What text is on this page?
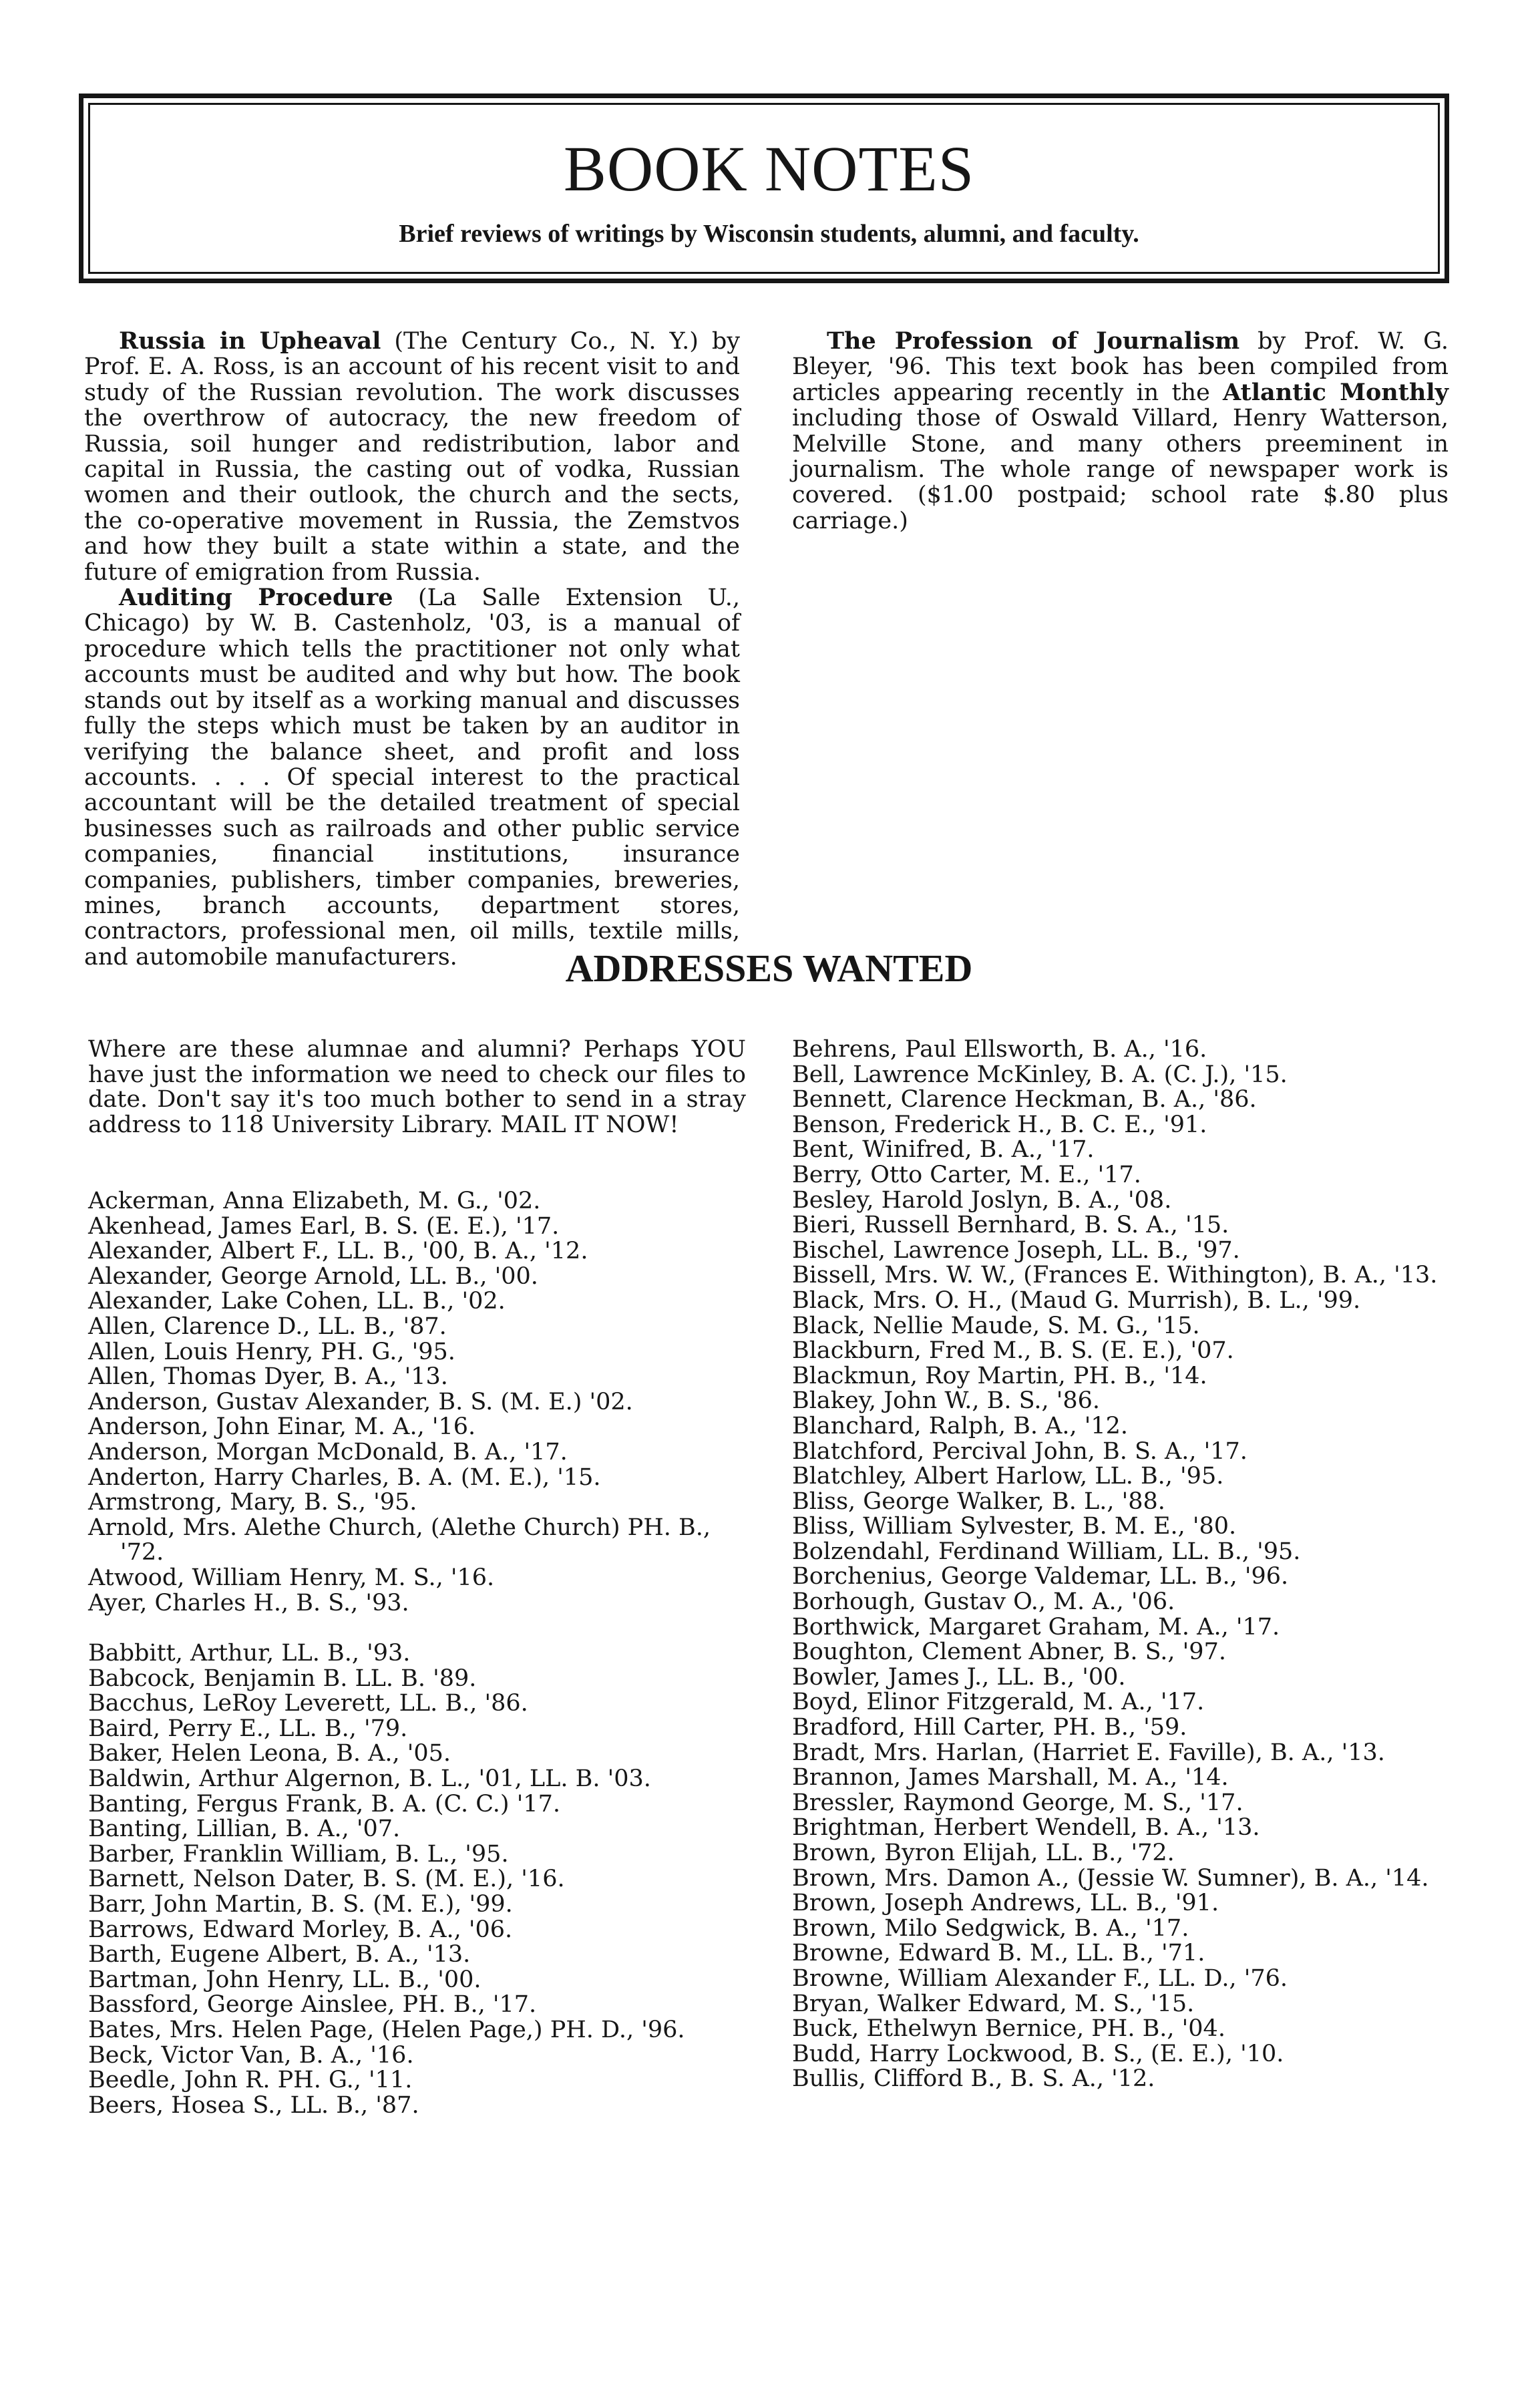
BOOK NOTES
Brief reviews of writings by Wisconsin students, alumni, and faculty.

Russia in Upheaval (The Century Co., N. Y.) by Prof. E. A. Ross, is an account of his recent visit to and study of the Russian revolution. The work discusses the overthrow of autocracy, the new freedom of Russia, soil hunger and redistribution, labor and capital in Russia, the casting out of vodka, Russian women and their outlook, the church and the sects, the co-operative movement in Russia, the Zemstvos and how they built a state within a state, and the future of emigration from Russia.

Auditing Procedure (La Salle Extension U., Chicago) by W. B. Castenholz, '03, is a manual of procedure which tells the practitioner not only what accounts must be audited and why but how. The book stands out by itself as a working manual and discusses fully the steps which must be taken by an auditor in verifying the balance sheet, and profit and loss accounts. . . . Of special interest to the practical accountant will be the detailed treatment of special businesses such as railroads and other public service companies, financial institutions, insurance companies, publishers, timber companies, breweries, mines, branch accounts, department stores, contractors, professional men, oil mills, textile mills, and automobile manufacturers.

The Profession of Journalism by Prof. W. G. Bleyer, '96. This text book has been compiled from articles appearing recently in the Atlantic Monthly including those of Oswald Villard, Henry Watterson, Melville Stone, and many others preeminent in journalism. The whole range of newspaper work is covered. ($1.00 postpaid; school rate $.80 plus carriage.)

ADDRESSES WANTED

Where are these alumnae and alumni? Perhaps YOU have just the information we need to check our files to date. Don't say it's too much bother to send in a stray address to 118 University Library. MAIL IT NOW!

Ackerman, Anna Elizabeth, M. G., '02.
Akenhead, James Earl, B. S. (E. E.), '17.
Alexander, Albert F., LL. B., '00, B. A., '12.
Alexander, George Arnold, LL. B., '00.
Alexander, Lake Cohen, LL. B., '02.
Allen, Clarence D., LL. B., '87.
Allen, Louis Henry, PH. G., '95.
Allen, Thomas Dyer, B. A., '13.
Anderson, Gustav Alexander, B. S. (M. E.) '02.
Anderson, John Einar, M. A., '16.
Anderson, Morgan McDonald, B. A., '17.
Anderton, Harry Charles, B. A. (M. E.), '15.
Armstrong, Mary, B. S., '95.
Arnold, Mrs. Alethe Church, (Alethe Church) PH. B., '72.
Atwood, William Henry, M. S., '16.
Ayer, Charles H., B. S., '93.
Babbitt, Arthur, LL. B., '93.
Babcock, Benjamin B. LL. B. '89.
Bacchus, LeRoy Leverett, LL. B., '86.
Baird, Perry E., LL. B., '79.
Baker, Helen Leona, B. A., '05.
Baldwin, Arthur Algernon, B. L., '01, LL. B. '03.
Banting, Fergus Frank, B. A. (C. C.) '17.
Banting, Lillian, B. A., '07.
Barber, Franklin William, B. L., '95.
Barnett, Nelson Dater, B. S. (M. E.), '16.
Barr, John Martin, B. S. (M. E.), '99.
Barrows, Edward Morley, B. A., '06.
Barth, Eugene Albert, B. A., '13.
Bartman, John Henry, LL. B., '00.
Bassford, George Ainslee, PH. B., '17.
Bates, Mrs. Helen Page, (Helen Page,) PH. D., '96.
Beck, Victor Van, B. A., '16.
Beedle, John R. PH. G., '11.
Beers, Hosea S., LL. B., '87.
Behrens, Paul Ellsworth, B. A., '16.
Bell, Lawrence McKinley, B. A. (C. J.), '15.
Bennett, Clarence Heckman, B. A., '86.
Benson, Frederick H., B. C. E., '91.
Bent, Winifred, B. A., '17.
Berry, Otto Carter, M. E., '17.
Besley, Harold Joslyn, B. A., '08.
Bieri, Russell Bernhard, B. S. A., '15.
Bischel, Lawrence Joseph, LL. B., '97.
Bissell, Mrs. W. W., (Frances E. Withington), B. A., '13.
Black, Mrs. O. H., (Maud G. Murrish), B. L., '99.
Black, Nellie Maude, S. M. G., '15.
Blackburn, Fred M., B. S. (E. E.), '07.
Blackmun, Roy Martin, PH. B., '14.
Blakey, John W., B. S., '86.
Blanchard, Ralph, B. A., '12.
Blatchford, Percival John, B. S. A., '17.
Blatchley, Albert Harlow, LL. B., '95.
Bliss, George Walker, B. L., '88.
Bliss, William Sylvester, B. M. E., '80.
Bolzendahl, Ferdinand William, LL. B., '95.
Borchenius, George Valdemar, LL. B., '96.
Borhough, Gustav O., M. A., '06.
Borthwick, Margaret Graham, M. A., '17.
Boughton, Clement Abner, B. S., '97.
Bowler, James J., LL. B., '00.
Boyd, Elinor Fitzgerald, M. A., '17.
Bradford, Hill Carter, PH. B., '59.
Bradt, Mrs. Harlan, (Harriet E. Faville), B. A., '13.
Brannon, James Marshall, M. A., '14.
Bressler, Raymond George, M. S., '17.
Brightman, Herbert Wendell, B. A., '13.
Brown, Byron Elijah, LL. B., '72.
Brown, Mrs. Damon A., (Jessie W. Sumner), B. A., '14.
Brown, Joseph Andrews, LL. B., '91.
Brown, Milo Sedgwick, B. A., '17.
Browne, Edward B. M., LL. B., '71.
Browne, William Alexander F., LL. D., '76.
Bryan, Walker Edward, M. S., '15.
Buck, Ethelwyn Bernice, PH. B., '04.
Budd, Harry Lockwood, B. S., (E. E.), '10.
Bullis, Clifford B., B. S. A., '12.
